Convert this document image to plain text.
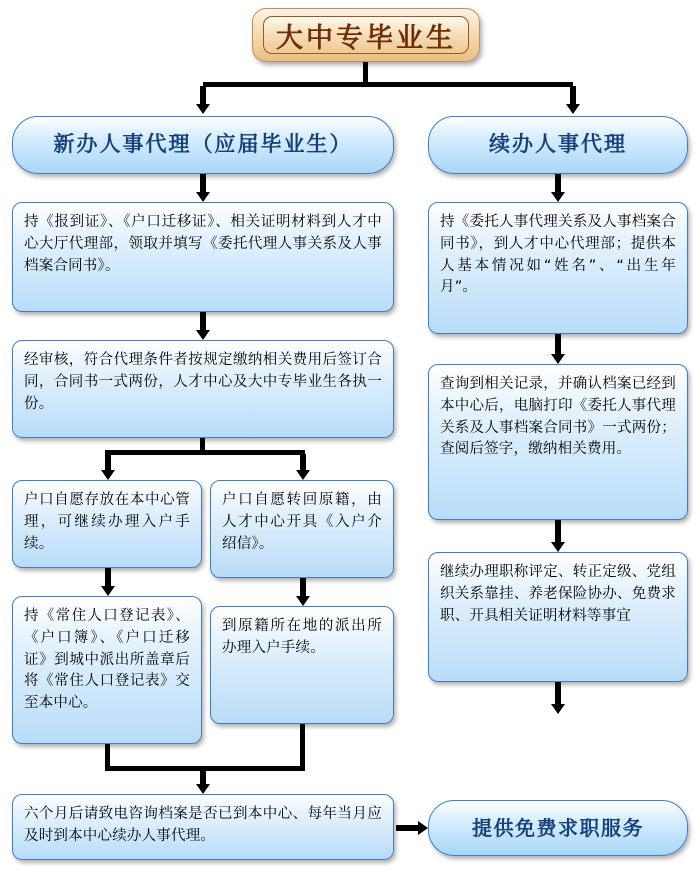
大中专毕业生
新办人事代理（应届毕业生）
持《报到证》、《户口迁移证》、相关证明材料到人才中心大厅代理部，领取并填写《委托代理人事关系及人事档案合同书》。
经审核，符合代理条件者按规定缴纳相关费用后签订合同，合同书一式两份，人才中心及大中专毕业生各执一份。
户口自愿存放在本中心管理，可继续办理入户手续。
持《常住人口登记表》、《户口簿》、《户口迁移证》到城中派出所盖章后将《常住人口登记表》交至本中心。
户口自愿转回原籍，由人才中心开具《入户介绍信》。
到原籍所在地的派出所办理入户手续。
六个月后请致电咨询档案是否已到本中心、每年当月应及时到本中心续办人事代理。
续办人事代理
持《委托人事代理关系及人事档案合同书》，到人才中心代理部；提供本人基本情况如“姓名”、“出生年月”。
查询到相关记录，并确认档案已经到本中心后，电脑打印《委托人事代理关系及人事档案合同书》一式两份；查阅后签字，缴纳相关费用。
继续办理职称评定、转正定级、党组织关系靠挂、养老保险协办、免费求职、开具相关证明材料等事宜
提供免费求职服务
